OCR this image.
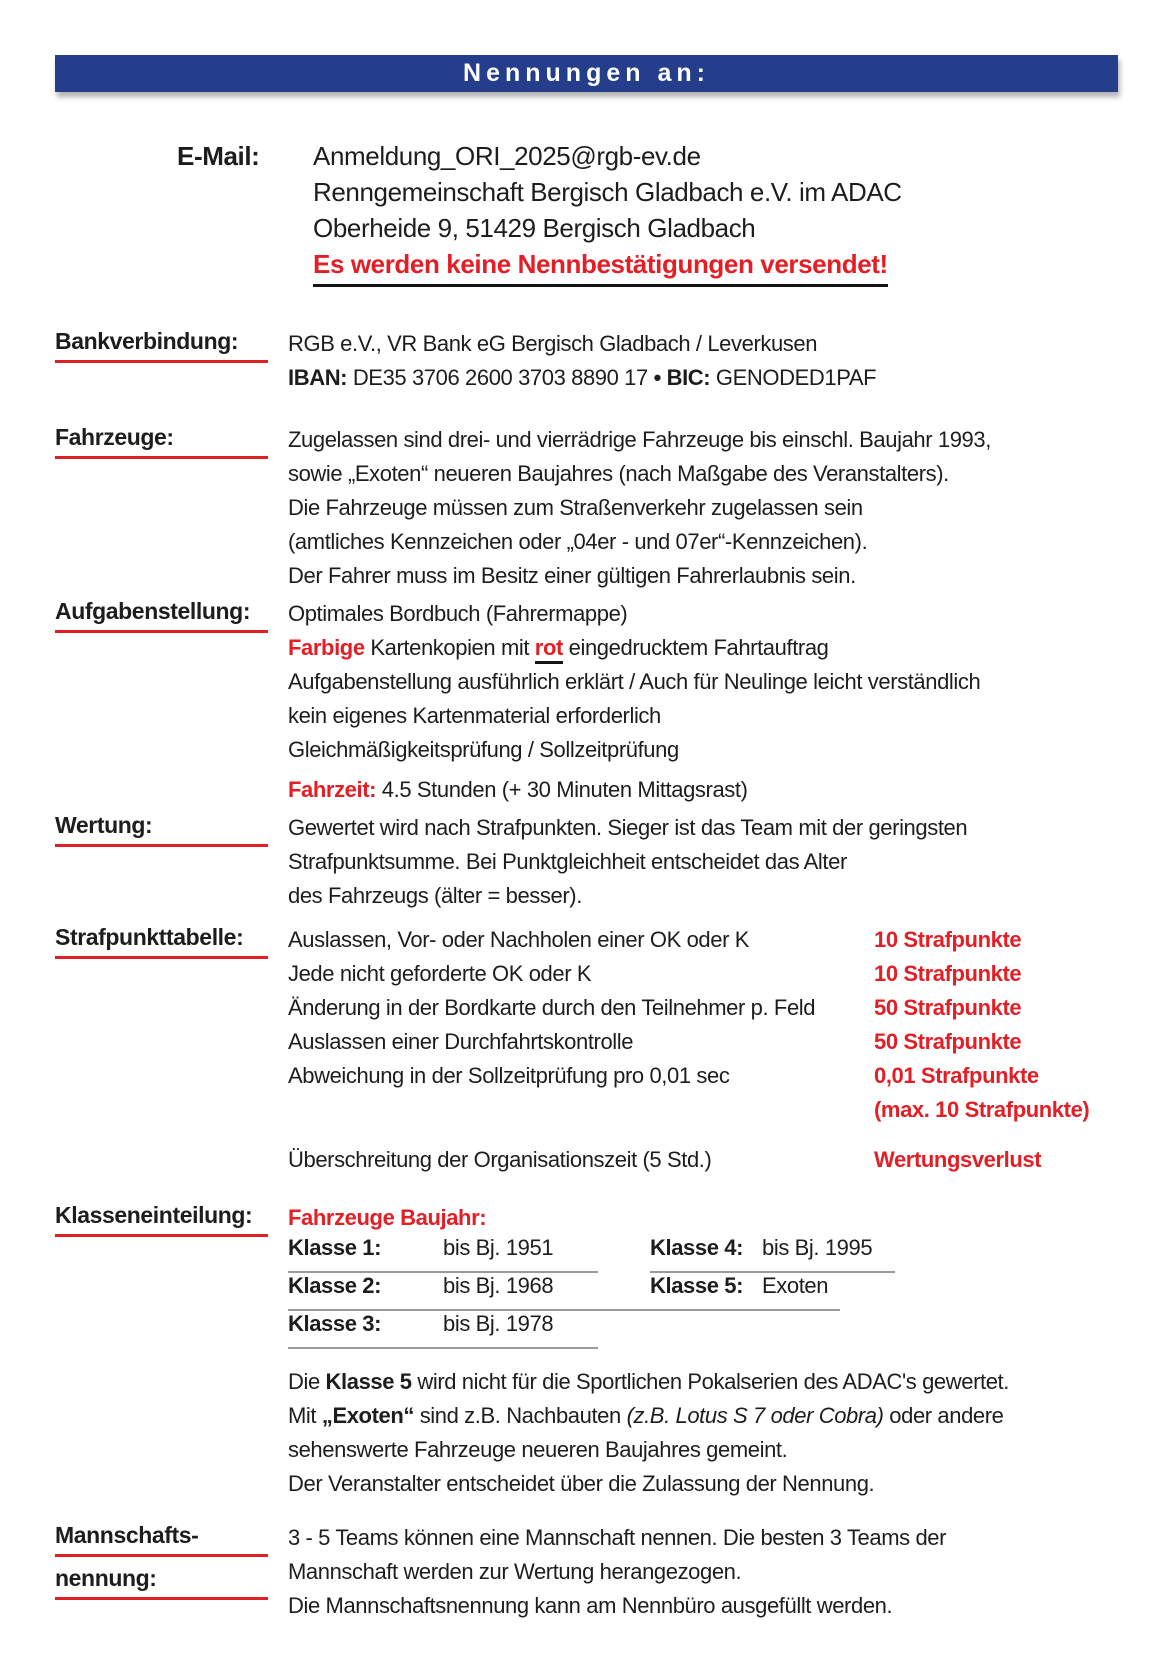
Nennungen an:
E-Mail:	Anmeldung_ORI_2025@rgb-ev.de
Renngemeinschaft Bergisch Gladbach e.V. im ADAC
Oberheide 9, 51429 Bergisch Gladbach
Es werden keine Nennbestätigungen versendet!
Bankverbindung:	RGB e.V., VR Bank eG Bergisch Gladbach / Leverkusen
IBAN: DE35 3706 2600 3703 8890 17 • BIC: GENODED1PAF
Fahrzeuge:	Zugelassen sind drei- und vierrädrige Fahrzeuge bis einschl. Baujahr 1993,
sowie „Exoten“ neueren Baujahres (nach Maßgabe des Veranstalters).
Die Fahrzeuge müssen zum Straßenverkehr zugelassen sein
(amtliches Kennzeichen oder „04er - und 07er“-Kennzeichen).
Der Fahrer muss im Besitz einer gültigen Fahrerlaubnis sein.
Aufgabenstellung:	Optimales Bordbuch (Fahrermappe)
Farbige Kartenkopien mit rot eingedrucktem Fahrtauftrag
Aufgabenstellung ausführlich erklärt / Auch für Neulinge leicht verständlich
kein eigenes Kartenmaterial erforderlich
Gleichmäßigkeitsprüfung / Sollzeitprüfung
Fahrzeit: 4.5 Stunden (+ 30 Minuten Mittagsrast)
Wertung:	Gewertet wird nach Strafpunkten. Sieger ist das Team mit der geringsten
Strafpunktsumme. Bei Punktgleichheit entscheidet das Alter
des Fahrzeugs (älter = besser).
Strafpunkttabelle:	Auslassen, Vor- oder Nachholen einer OK oder K	10 Strafpunkte
Jede nicht geforderte OK oder K	10 Strafpunkte
Änderung in der Bordkarte durch den Teilnehmer p. Feld	50 Strafpunkte
Auslassen einer Durchfahrtskontrolle	50 Strafpunkte
Abweichung in der Sollzeitprüfung pro 0,01 sec	0,01 Strafpunkte
(max. 10 Strafpunkte)
Überschreitung der Organisationszeit (5 Std.)	Wertungsverlust
Klasseneinteilung:	Fahrzeuge Baujahr:
Klasse 1:	bis Bj. 1951	Klasse 4: bis Bj. 1995
Klasse 2:	bis Bj. 1968	Klasse 5: Exoten
Klasse 3:	bis Bj. 1978
Die Klasse 5 wird nicht für die Sportlichen Pokalserien des ADAC's gewertet.
Mit „Exoten“ sind z.B. Nachbauten (z.B. Lotus S 7 oder Cobra) oder andere
sehenswerte Fahrzeuge neueren Baujahres gemeint.
Der Veranstalter entscheidet über die Zulassung der Nennung.
Mannschafts-
nennung:
3 - 5 Teams können eine Mannschaft nennen. Die besten 3 Teams der
Mannschaft werden zur Wertung herangezogen.
Die Mannschaftsnennung kann am Nennbüro ausgefüllt werden.
